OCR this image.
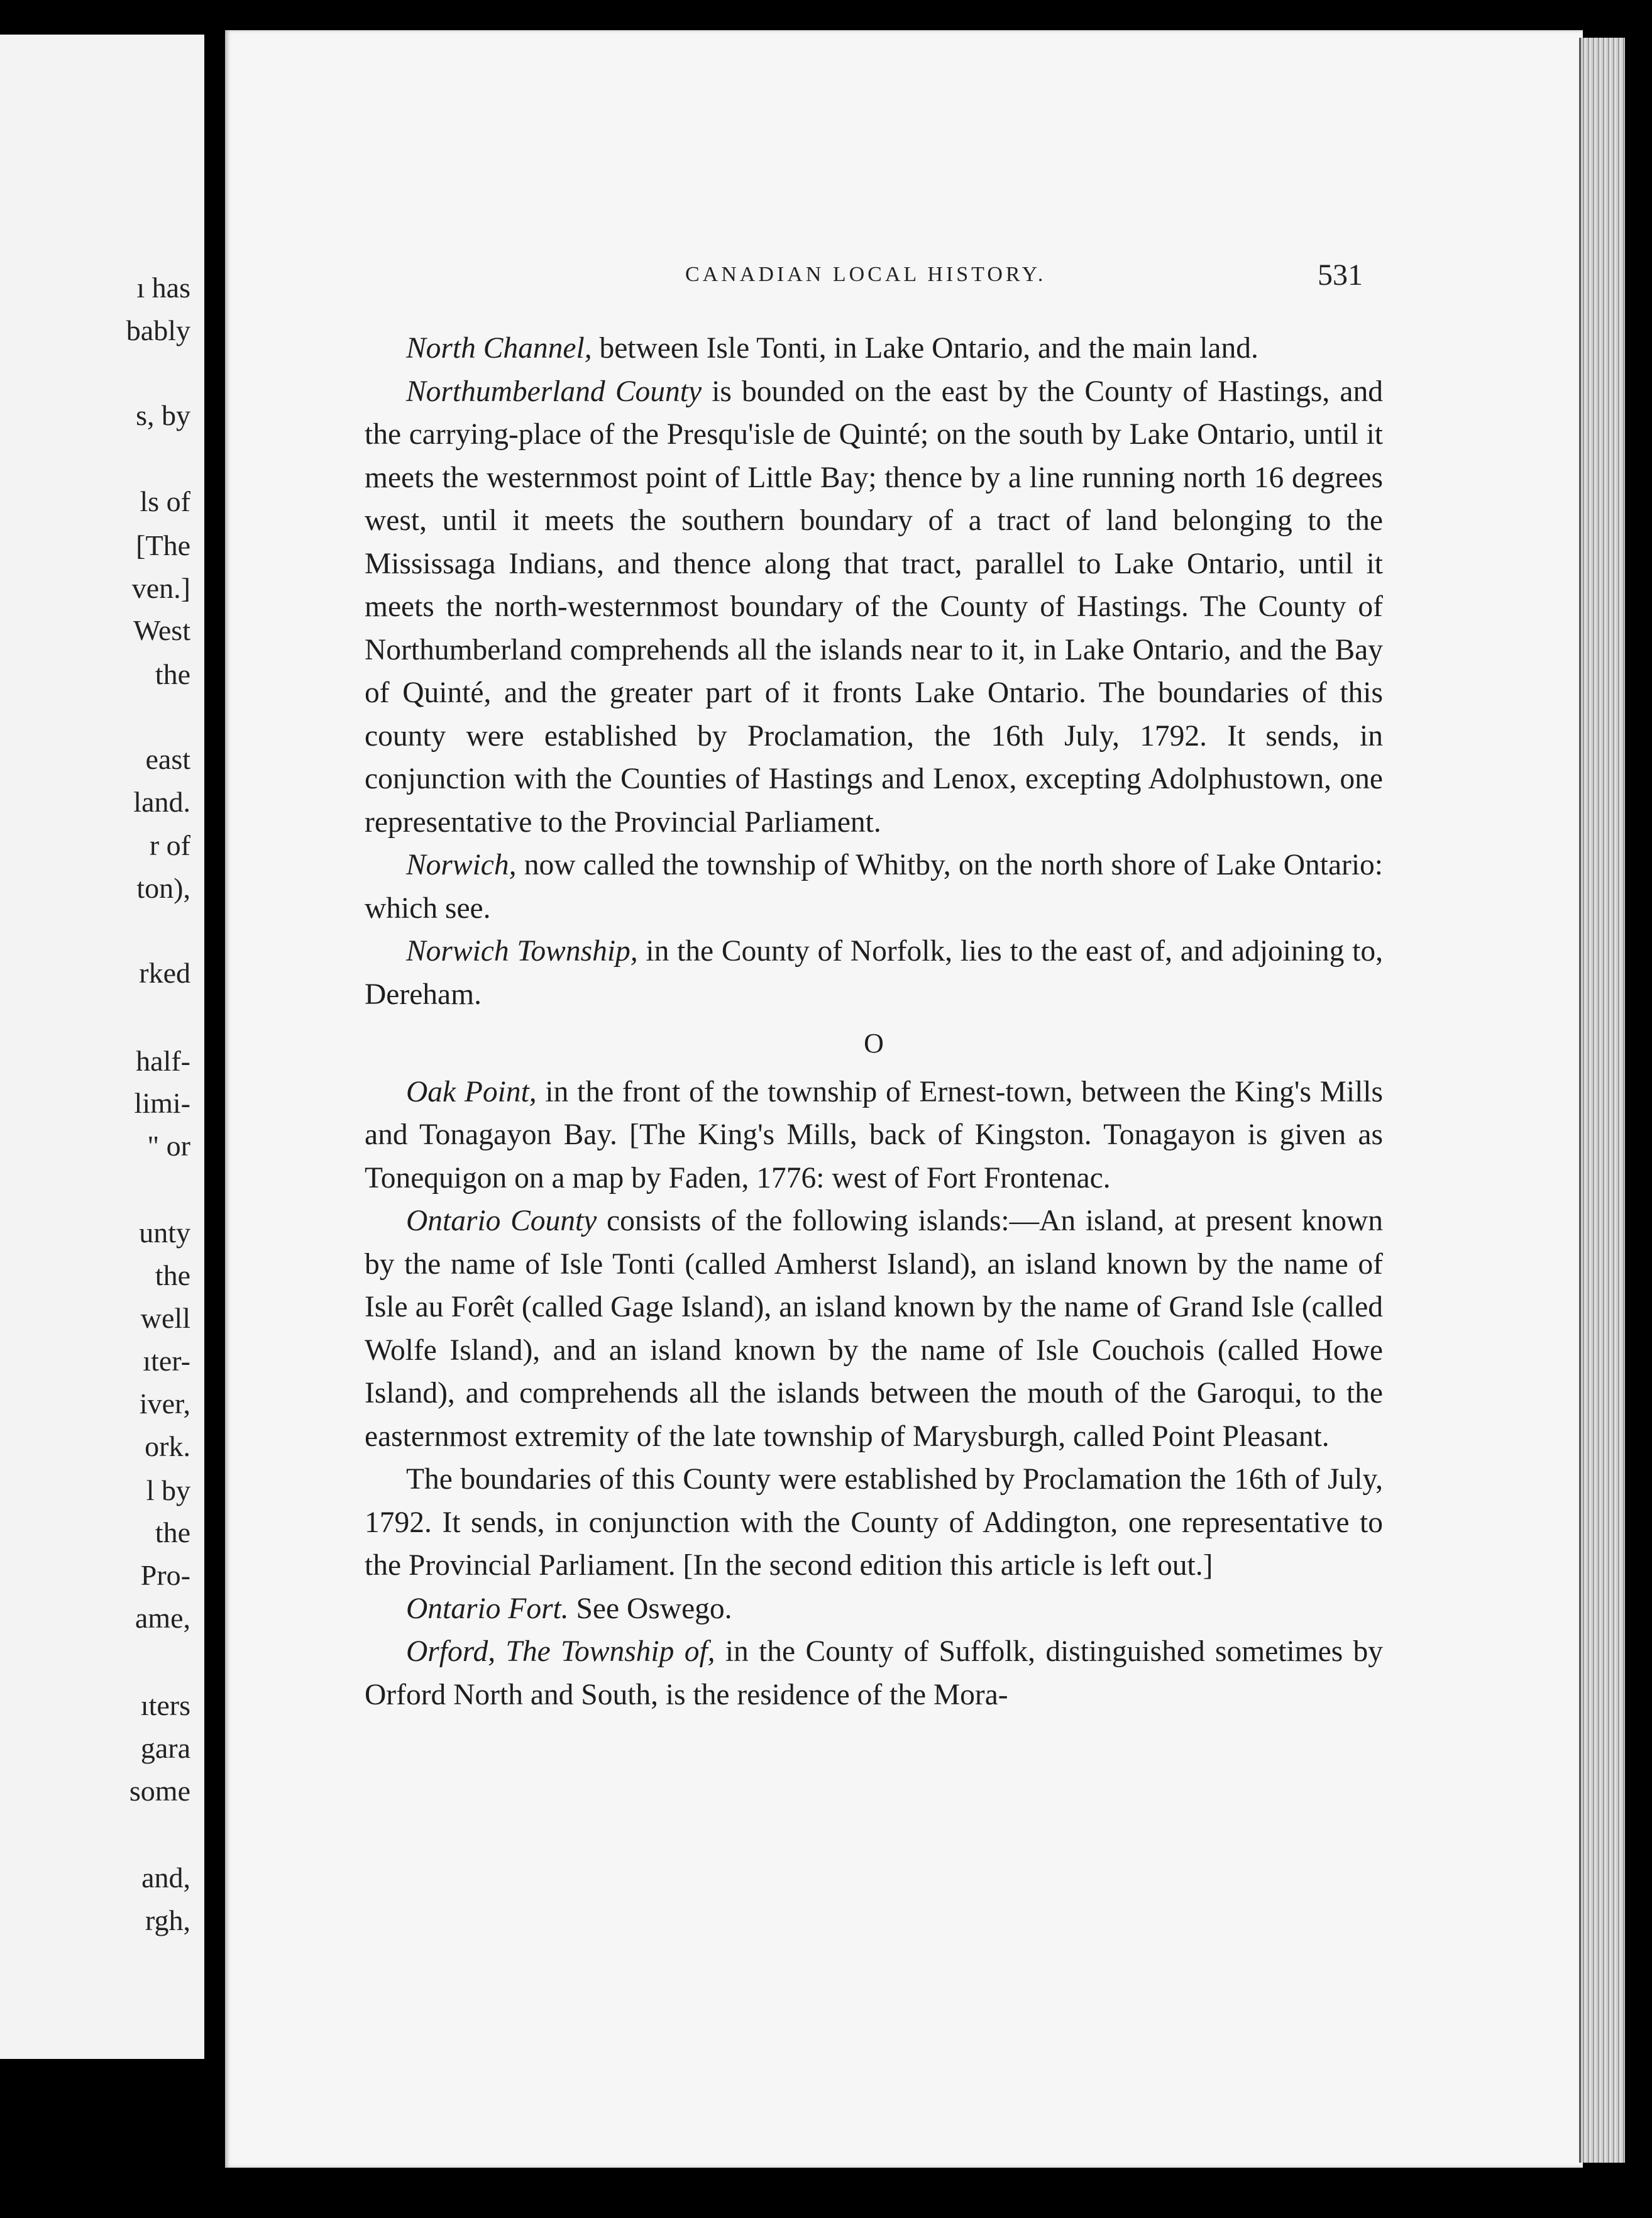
ı has
bably
s, by
ls of
[The
ven.]
West
the
east
land.
r of
ton),
rked
half-
limi-
" or
unty
the
well
ıter-
iver,
ork.
l by
the
Pro-
ame,
ıters
gara
some
and,
rgh,
CANADIAN LOCAL HISTORY.	531

North Channel, between Isle Tonti, in Lake Ontario, and the main land.

Northumberland County is bounded on the east by the County of Hastings, and the carrying-place of the Presqu'isle de Quinté; on the south by Lake Ontario, until it meets the westernmost point of Little Bay; thence by a line running north 16 degrees west, until it meets the southern boundary of a tract of land belonging to the Mississaga Indians, and thence along that tract, parallel to Lake Ontario, until it meets the north-westernmost boundary of the County of Hastings. The County of Northumberland comprehends all the islands near to it, in Lake Ontario, and the Bay of Quinté, and the greater part of it fronts Lake Ontario. The boundaries of this county were established by Proclamation, the 16th July, 1792. It sends, in conjunction with the Counties of Hastings and Lenox, excepting Adolphustown, one representative to the Provincial Parliament.

Norwich, now called the township of Whitby, on the north shore of Lake Ontario: which see.

Norwich Township, in the County of Norfolk, lies to the east of, and adjoining to, Dereham.

O

Oak Point, in the front of the township of Ernest-town, between the King's Mills and Tonagayon Bay. [The King's Mills, back of Kingston. Tonagayon is given as Tonequigon on a map by Faden, 1776: west of Fort Frontenac.

Ontario County consists of the following islands:—An island, at present known by the name of Isle Tonti (called Amherst Island), an island known by the name of Isle au Forêt (called Gage Island), an island known by the name of Grand Isle (called Wolfe Island), and an island known by the name of Isle Couchois (called Howe Island), and comprehends all the islands between the mouth of the Garoqui, to the easternmost extremity of the late township of Marysburgh, called Point Pleasant.

The boundaries of this County were established by Proclamation the 16th of July, 1792. It sends, in conjunction with the County of Addington, one representative to the Provincial Parliament. [In the second edition this article is left out.]

Ontario Fort. See Oswego.

Orford, The Township of, in the County of Suffolk, distinguished sometimes by Orford North and South, is the residence of the Mora-
